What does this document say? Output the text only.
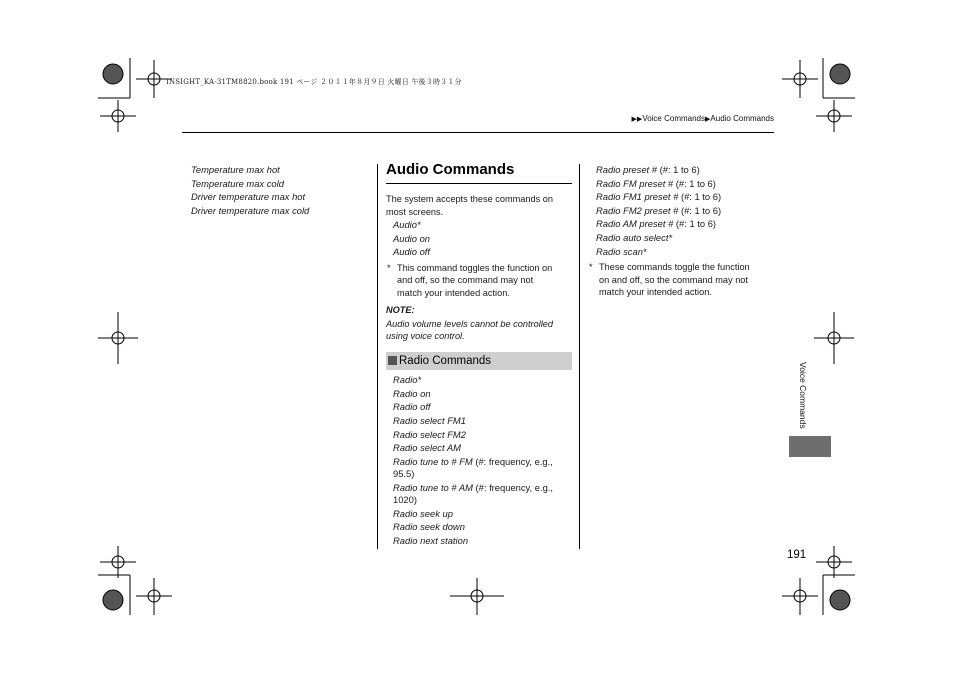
INSIGHT_KA-31TM8820.book 191 ページ ２０１１年８月９日 火曜日 午後３時３１分
▶▶Voice Commands▶Audio Commands
Temperature max hot
Temperature max cold
Driver temperature max hot
Driver temperature max cold
Audio Commands
The system accepts these commands on
most screens.
Audio*
Audio on
Audio off
* This command toggles the function on
and off, so the command may not
match your intended action.
NOTE:
Audio volume levels cannot be controlled
using voice control.
Radio Commands
Radio*
Radio on
Radio off
Radio select FM1
Radio select FM2
Radio select AM
Radio tune to # FM (#: frequency, e.g.,
95.5)
Radio tune to # AM (#: frequency, e.g.,
1020)
Radio seek up
Radio seek down
Radio next station
Radio preset # (#: 1 to 6)
Radio FM preset # (#: 1 to 6)
Radio FM1 preset # (#: 1 to 6)
Radio FM2 preset # (#: 1 to 6)
Radio AM preset # (#: 1 to 6)
Radio auto select*
Radio scan*
* These commands toggle the function
on and off, so the command may not
match your intended action.
Voice Commands
191
